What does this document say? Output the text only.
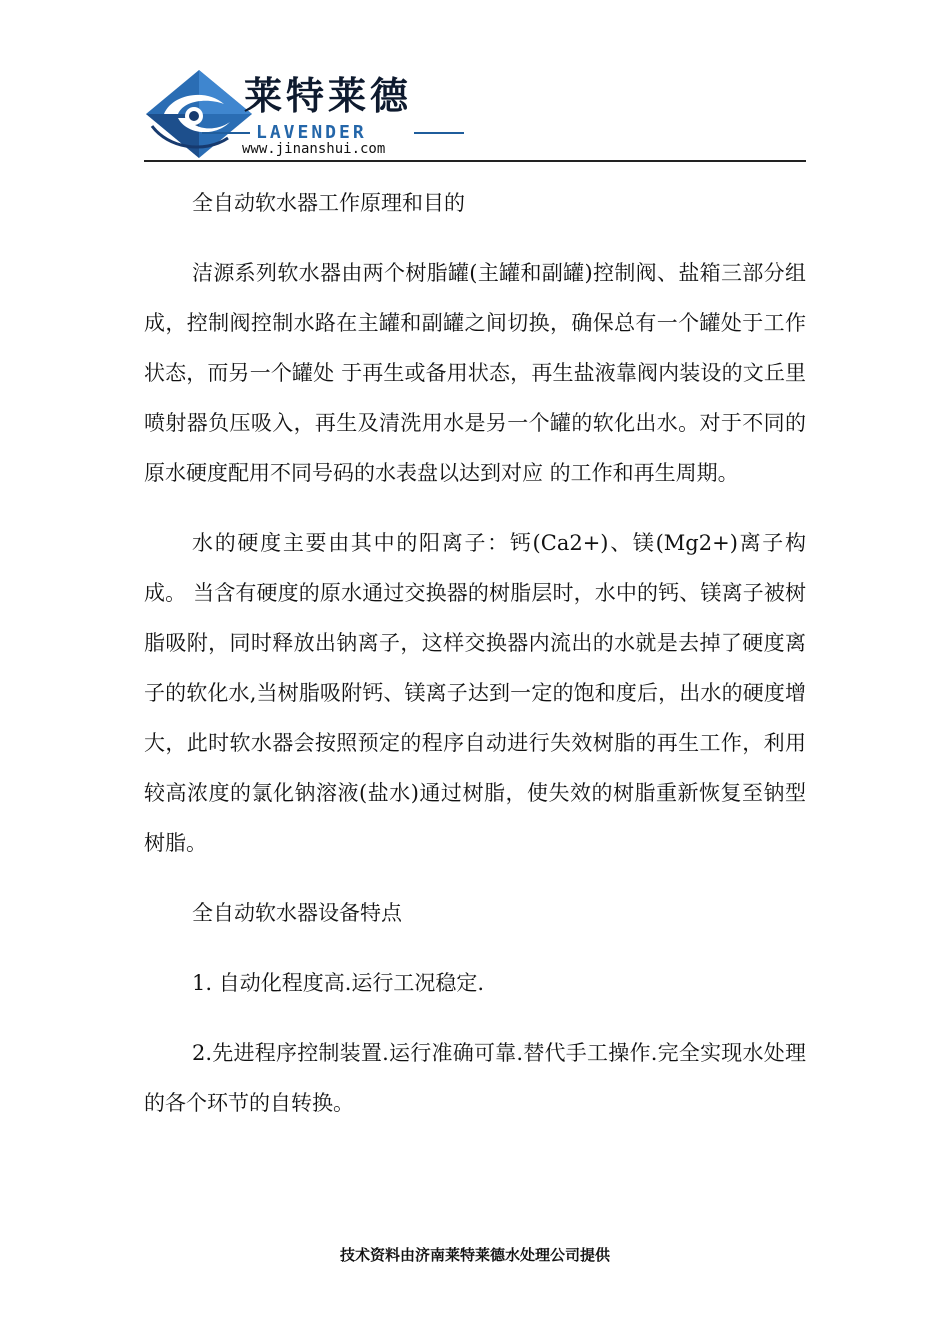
莱特莱德
LAVENDER
www.jinanshui.com

全自动软水器工作原理和目的

洁源系列软水器由两个树脂罐(主罐和副罐)控制阀、盐箱三部分组成，控制阀控制水路在主罐和副罐之间切换，确保总有一个罐处于工作状态，而另一个罐处 于再生或备用状态，再生盐液靠阀内装设的文丘里喷射器负压吸入，再生及清洗用水是另一个罐的软化出水。对于不同的原水硬度配用不同号码的水表盘以达到对应 的工作和再生周期。

水的硬度主要由其中的阳离子：钙(Ca2+)、镁(Mg2+)离子构成。 当含有硬度的原水通过交换器的树脂层时，水中的钙、镁离子被树脂吸附，同时释放出钠离子，这样交换器内流出的水就是去掉了硬度离子的软化水,当树脂吸附钙、镁离子达到一定的饱和度后，出水的硬度增大，此时软水器会按照预定的程序自动进行失效树脂的再生工作，利用较高浓度的氯化钠溶液(盐水)通过树脂，使失效的树脂重新恢复至钠型树脂。

全自动软水器设备特点

1. 自动化程度高.运行工况稳定.

2.先进程序控制装置.运行准确可靠.替代手工操作.完全实现水处理的各个环节的自转换。

技术资料由济南莱特莱德水处理公司提供
